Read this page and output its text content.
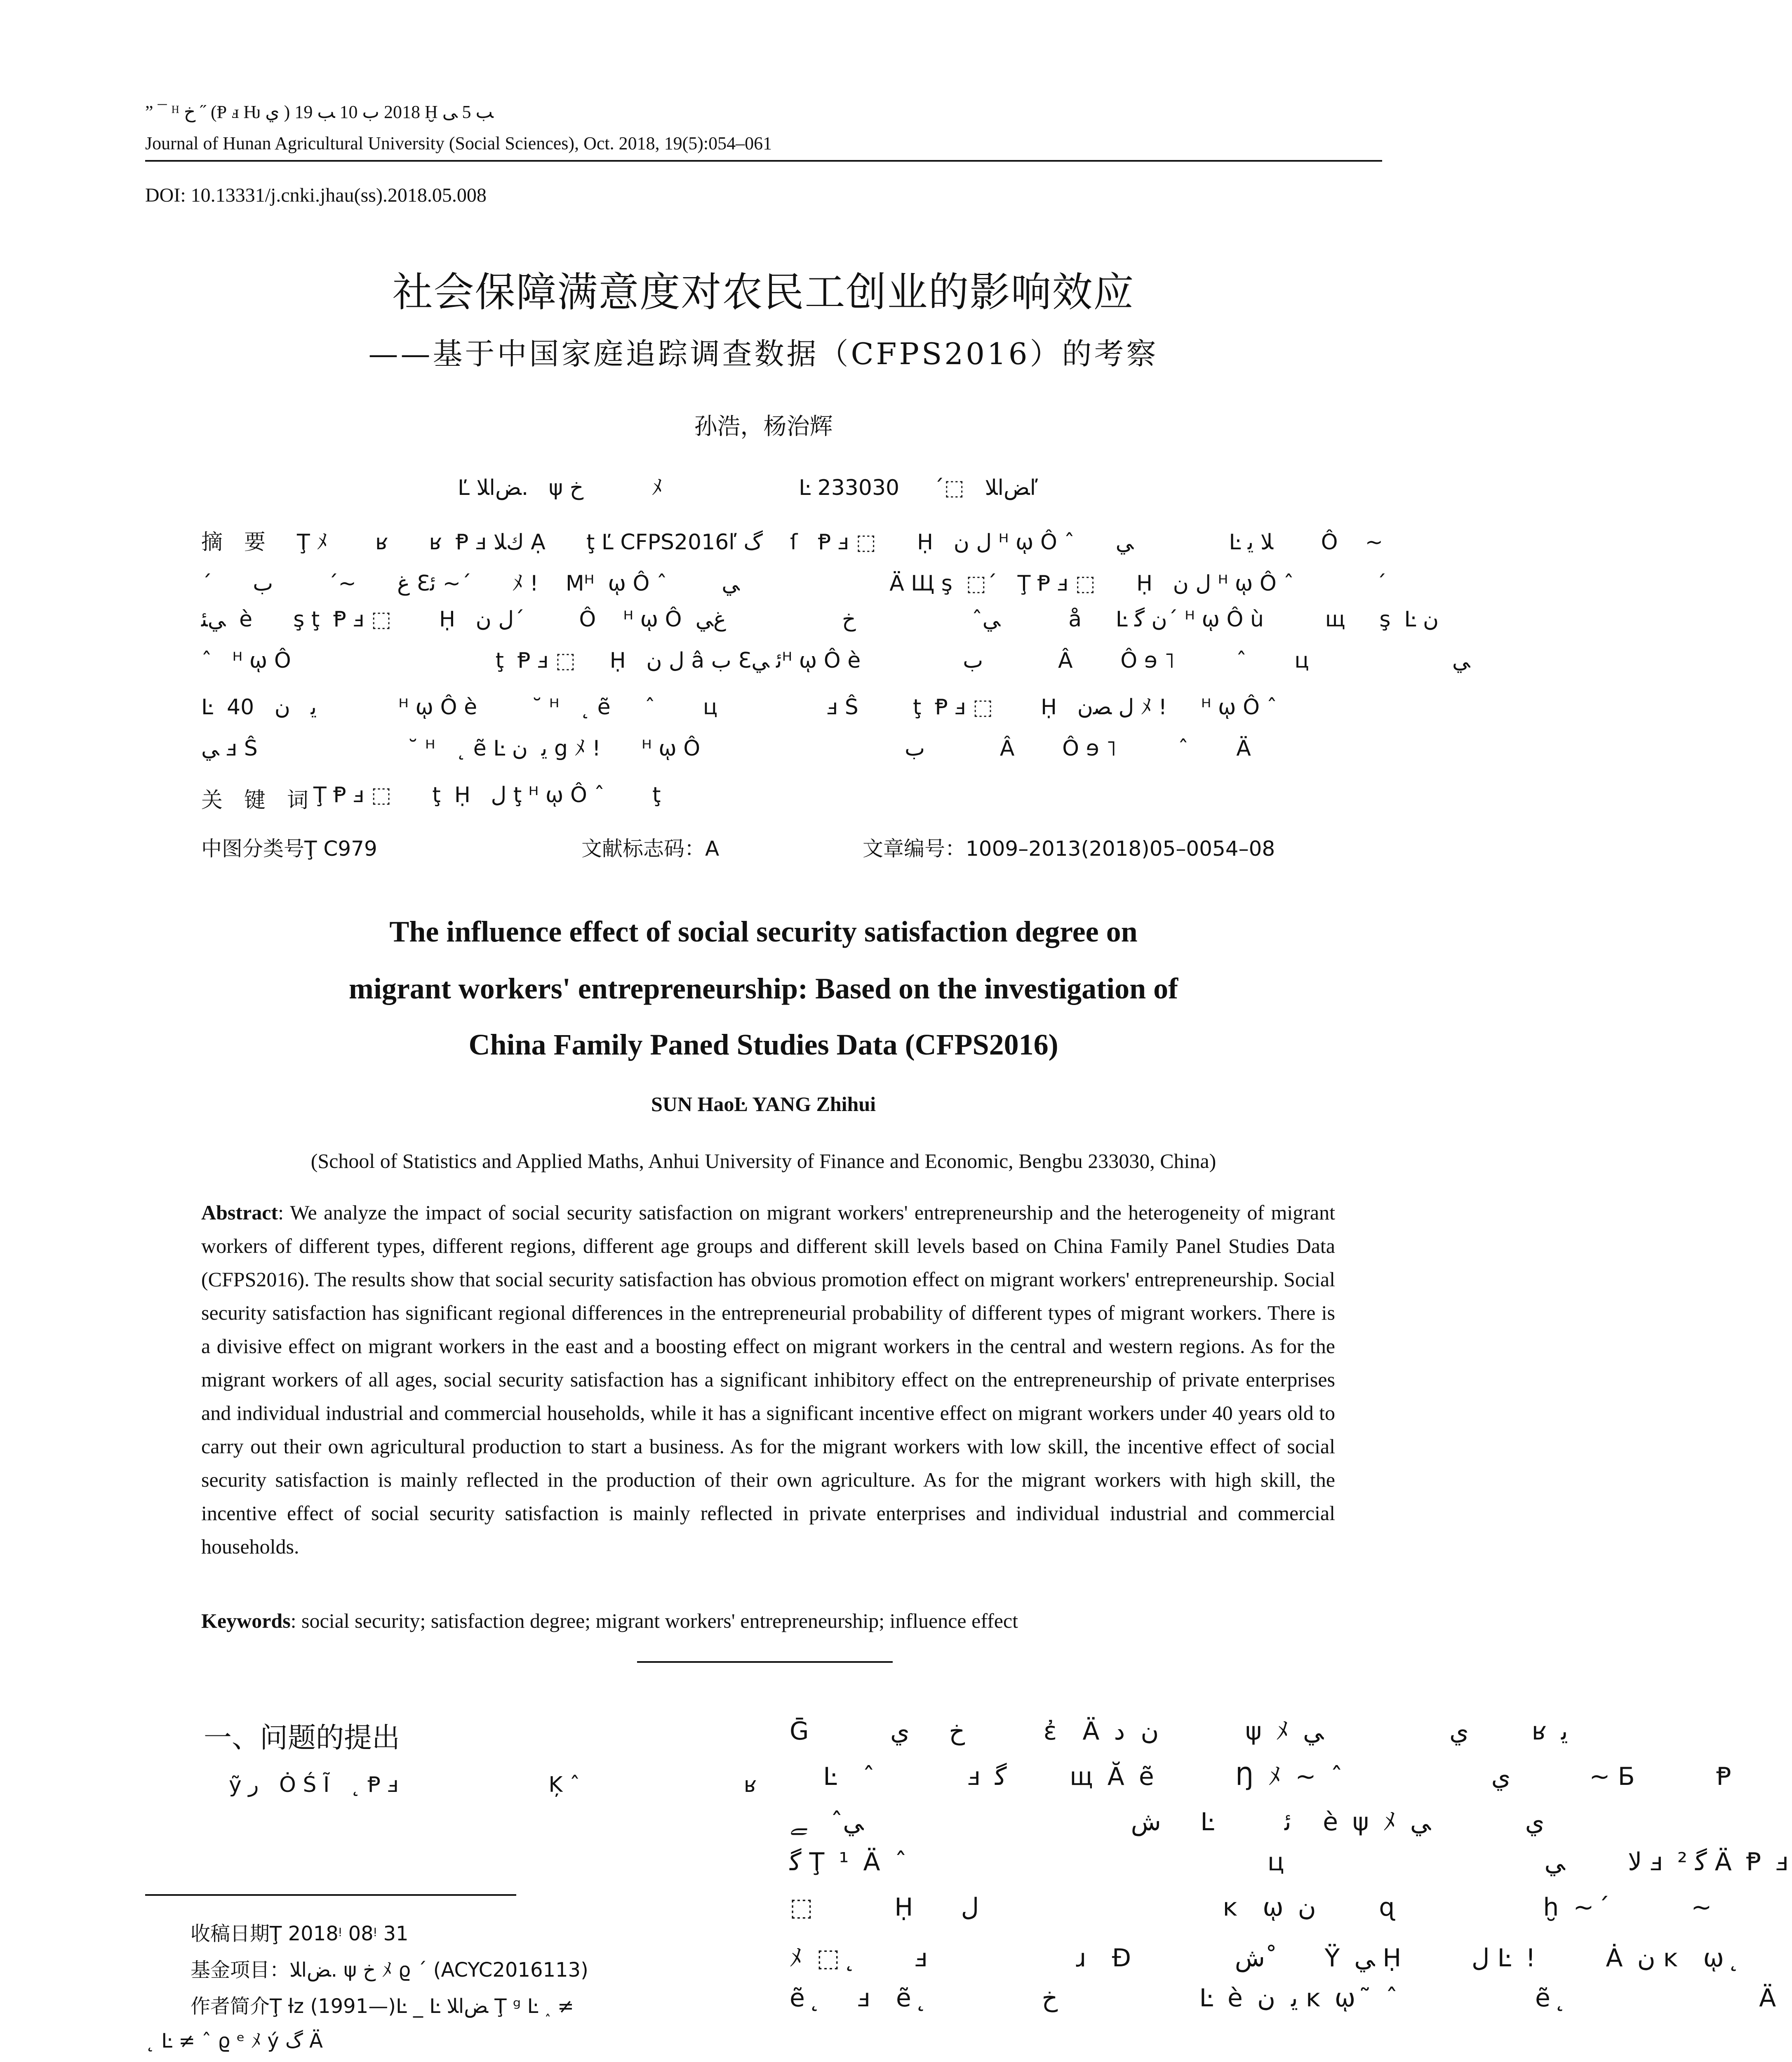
” ¯ ᴴ ﺥ ˝ (Ᵽ ⅎ Ƕ ﻱ ) 2018 ﺏ 10 ﺐ 19 Ḫ ﺐ 5 ﻰ
Journal of Hunan Agricultural University (Social Sciences), Oct. 2018, 19(5):054–061
DOI: 10.13331/j.cnki.jhau(ss).2018.05.008
社会保障满意度对农民工创业的影响效应
——基于中国家庭追踪调查数据（CFPS2016）的考察
孙浩，杨治辉
Ľ ﺾﺍﻼ.   ψ ﺥ          ﾒ                    Ŀ ﺾﺍﻼ   ⬚´     233030ľ
摘　要 Ţ ﾒ       ʁ      ʁ  Ᵽ ⅎ ﻙﻼ Ạ      ţ Ľ CFPS2016ľ ﮒ    ſ   Ᵽ ⅎ ⬚      Ḥ   ﻝ ﻥ ᴴ ῳ Ô ˆ      ﻲ              Ŀ ﻼ ﻳ       Ô    ~
´      ﻍ      ~´        ﺏ Ɛﺋ ~´      ﾒ !    Mᴴ  ῳ Ô ˆ        ﻲ                      Ä Щ ş  ⬚´   Ţ Ᵽ ⅎ ⬚      Ḥ   ﻝ ﻥ ᴴ ῳ Ô ˆ            ´
ﻲﺌ  è      ş ţ  Ᵽ ⅎ ⬚       Ḥ   ﻝ ﻥ´        Ô    ᴴ ῳ Ô  ﻲˆ                 ﺥ                 ﻍﻲ          å     Ŀ ﻥ ﮔ´ ᴴ ῳ Ô ù         щ     ş  Ŀ ﻥ
ˆ   ᴴ ῳ Ô                              ţ  Ᵽ ⅎ ⬚     Ḥ   ﻝ ﻥ â ﺏ Ɛﺋ ﻲᴴ ῳ Ô è               ﺏ           Â       Ô ɘ ˥         ˆ       ц                     ﻲ
Ŀ  ﻳ   ﻥ   40            ᴴ ῳ Ô è        ˘ ᴴ   ˛ ẽ     ˆ       ц                ⅎ Ŝ        ţ  Ᵽ ⅎ ⬚       Ḥ   ﻝ ﺼﻥ ﾒ !     ᴴ ῳ Ô ˆ
ﻲ ⅎ Ŝ                      ˘ ᴴ   ˛ ẽ Ŀ ﻳ  ﻥ g ﾒ !      ᴴ ῳ Ô                              ﺏ           Â       Ô ɘ ˥         ˆ       Ä
关　键　词 Ţ Ᵽ ⅎ ⬚      ţ  Ḥ   ﻝ ţ ᴴ ῳ Ô ˆ       ţ
中图分类号Ţ C979	文献标志码：A	文章编号：1009–2013(2018)05–0054–08
The influence effect of social security satisfaction degree on
migrant workers' entrepreneurship: Based on the investigation of
China Family Paned Studies Data (CFPS2016)
SUN HaoĿ YANG Zhihui
(School of Statistics and Applied Maths, Anhui University of Finance and Economic, Bengbu 233030, China)
Abstract: We analyze the impact of social security satisfaction on migrant workers' entrepreneurship and the heterogeneity of migrant workers of different types, different regions, different age groups and different skill levels based on China Family Panel Studies Data (CFPS2016). The results show that social security satisfaction has obvious promotion effect on migrant workers' entrepreneurship. Social security satisfaction has significant regional differences in the entrepreneurial probability of different types of migrant workers. There is a divisive effect on migrant workers in the east and a boosting effect on migrant workers in the central and western regions. As for the migrant workers of all ages, social security satisfaction has a significant inhibitory effect on the entrepreneurship of private enterprises and individual industrial and commercial households, while it has a significant incentive effect on migrant workers under 40 years old to carry out their own agricultural production to start a business. As for the migrant workers with low skill, the incentive effect of social security satisfaction is mainly reflected in the production of their own agriculture. As for the migrant workers with high skill, the incentive effect of social security satisfaction is mainly reflected in private enterprises and individual industrial and commercial households.
Keywords: social security; satisfaction degree; migrant workers' entrepreneurship; influence effect
一、问题的提出
ỹ ﺭ   Ȯ Ś Ĩ   ˛ Ᵽ ⅎ                      Ķ ˆ                        ʁ
收稿日期Ţ 2018ᵎ 08ᵎ 31
基金项目：ﺾﺍﻼ. ψ ﺥ ﾒ ϱ ´ (ACYC2016113)
作者简介Ţ ƚz (1991—)Ŀ _ Ŀ ﺾﺍﻼ Ţ ᵍ Ŀ ˰ ≠
˛ Ŀ ≠ ˆ ϱ ᵉ ﾒ ý ﮒ Ä
Ḡ       ﺥ     ﻱ          ἐ  Ä ﻥ  ﺩ           ψ ﾒ ﻱ                ﻲ        ʁ ﻳ
Ŀ  ˆ        ⅎ ﮔ        щ Ă ẽ       Ŋ ﾒ ~ ˆ             ﻱ          ~ Ƃ       Ᵽ
ﺵ                                  ﻲˆ   ﮯ     Ŀ      ﺋ    è ψ ﾒ ﻱ            ﻲ
ﮔ Ţ ¹ Ä ˆ                                ц                       ﻻ        ﻲ ⅎ ﮔ ² Ä Ᵽ ⅎ
⬚       Ḥ    ﻝ                               ĸ  ῳ ﻥ        ɋ             ḫ ~´       ~
ﾒ ⬚˛     ⅎ             ɹ  Ɖ         ﺵ˚      Ÿ ﻲ Ḥ      ﻝ Ŀ !      Ȧ ﻥ ĸ  ῳ˛
ẽ˛   ⅎ  ẽ˛          ﺥ                  Ŀ è ﻳ  ﻥ ĸ ῳ˜ ˆ            ẽ˛                 Ä
